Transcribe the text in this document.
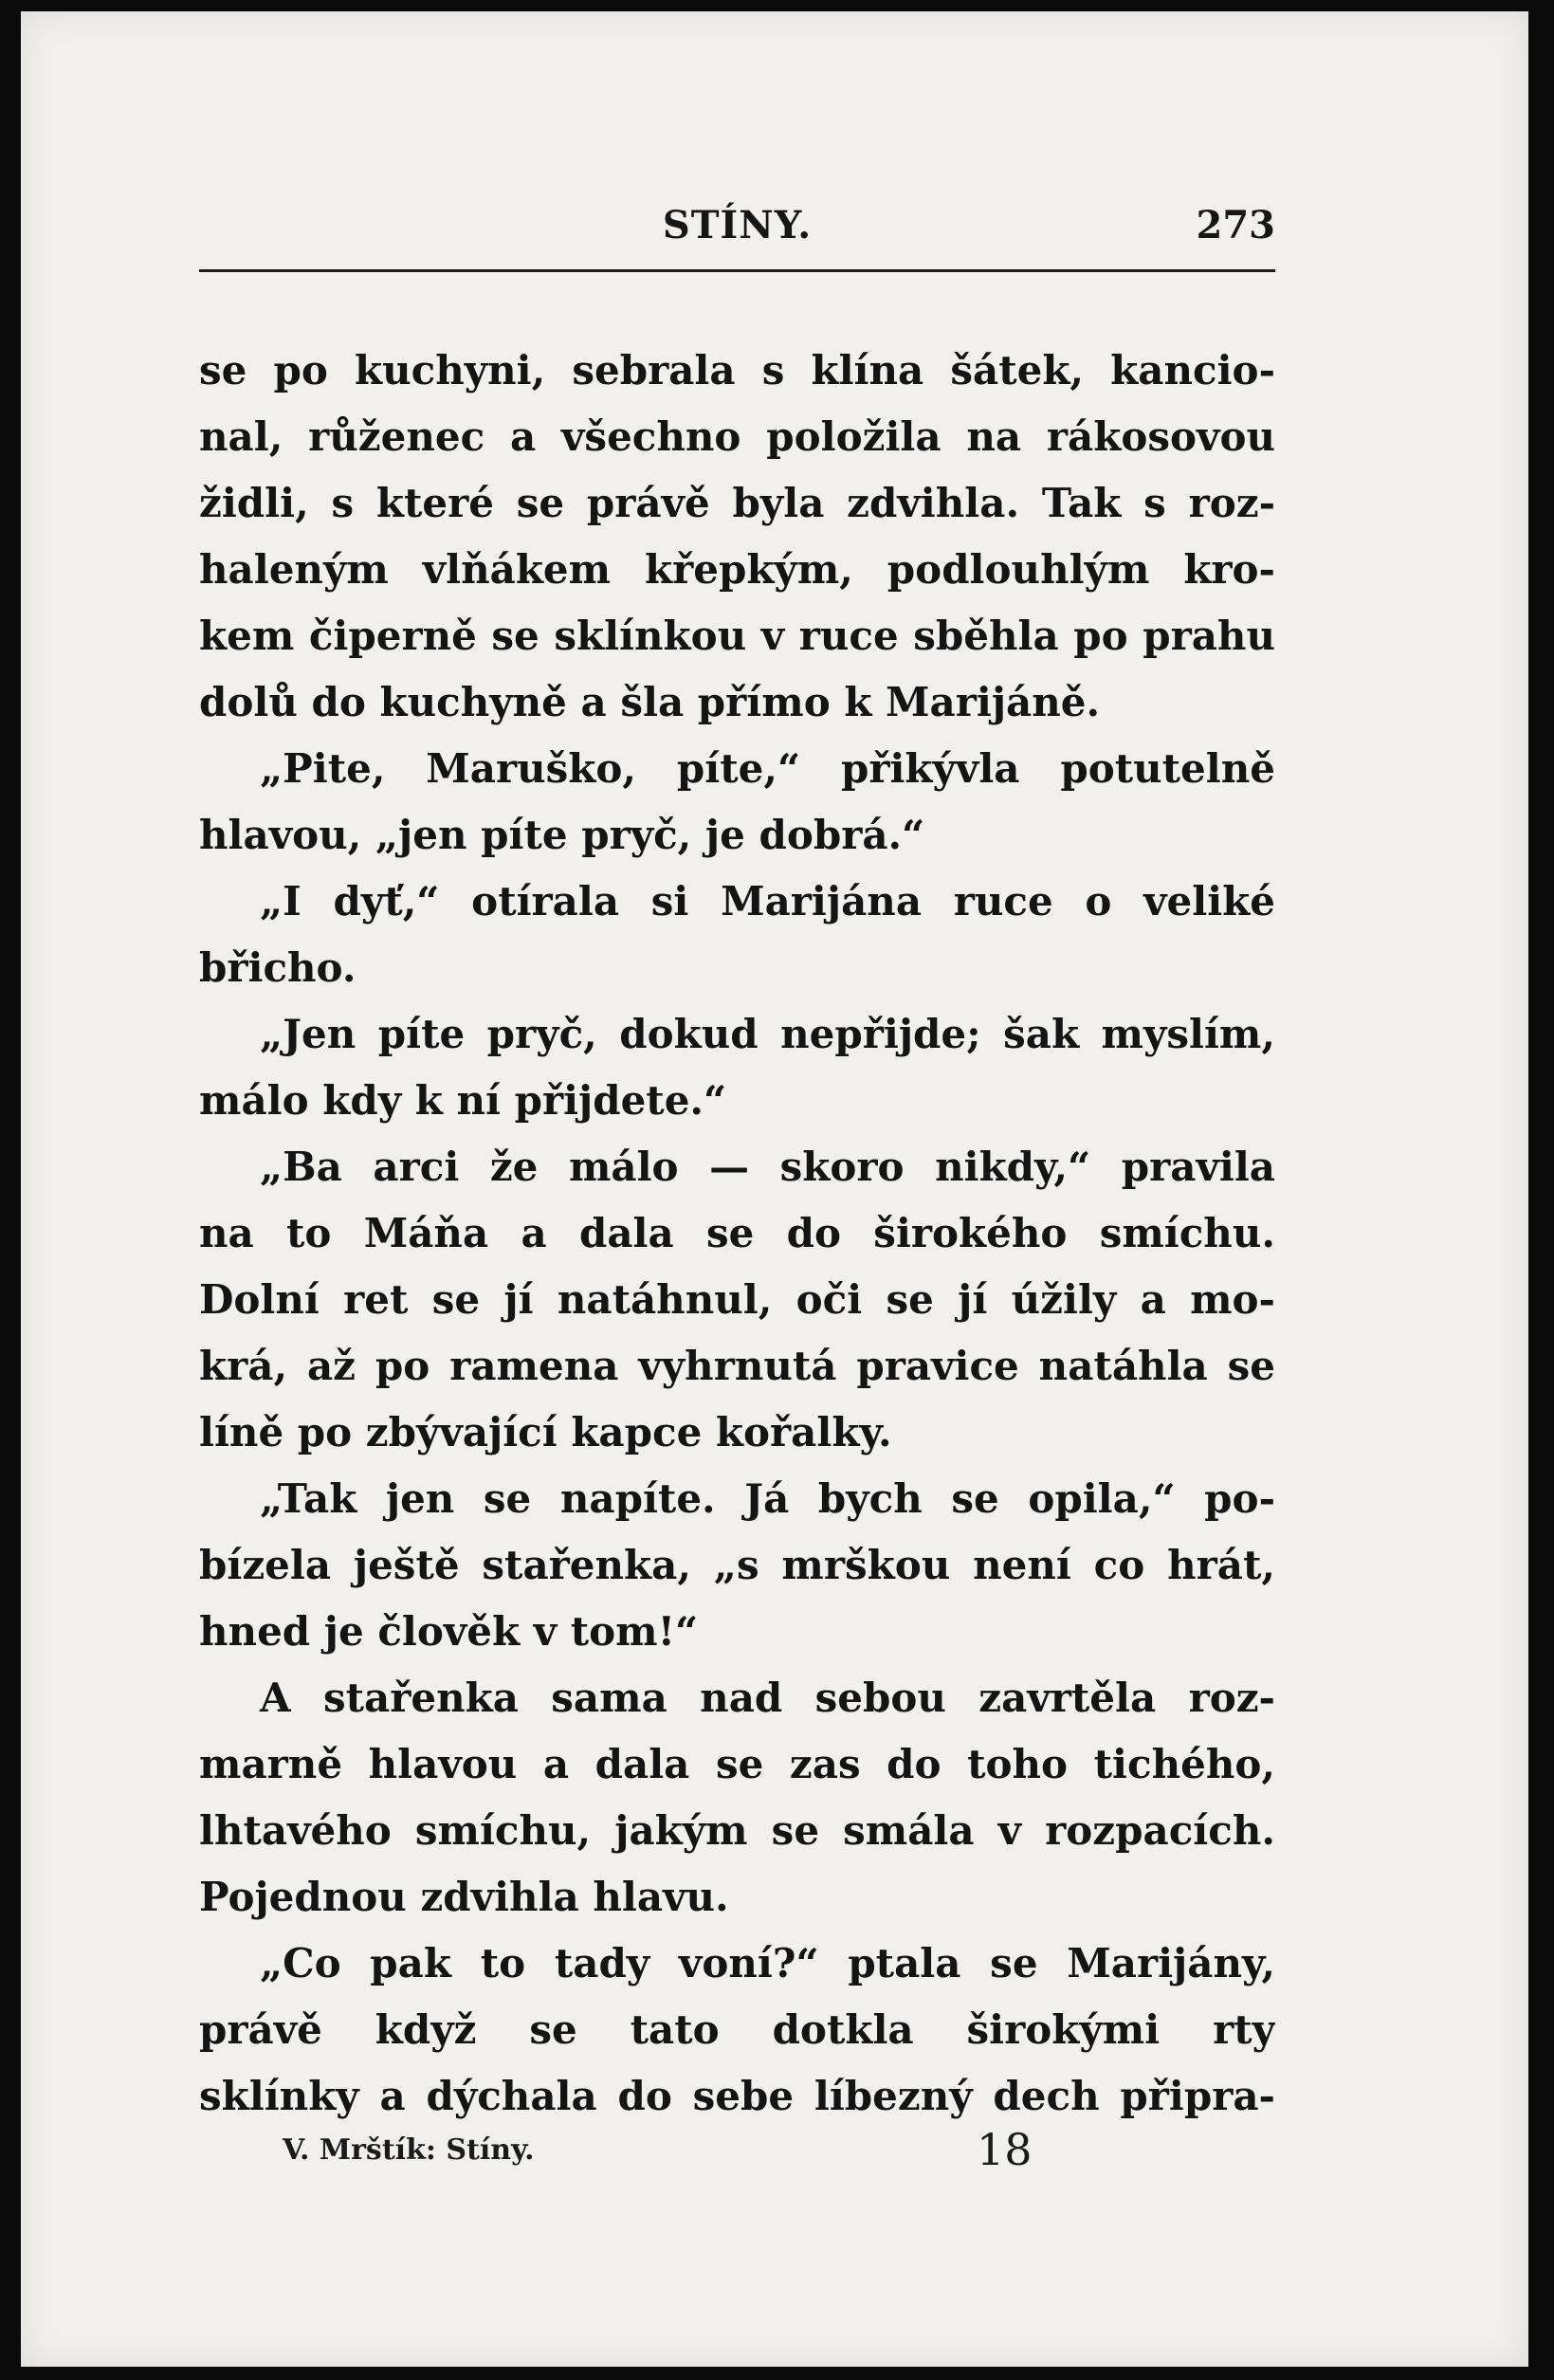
STÍNY.	273
se po kuchyni, sebrala s klína šátek, kancio-
nal, růženec a všechno položila na rákosovou
židli, s které se právě byla zdvihla. Tak s roz-
haleným vlňákem křepkým, podlouhlým kro-
kem čiperně se sklínkou v ruce sběhla po prahu
dolů do kuchyně a šla přímo k Marijáně.
„Pite, Maruško, píte,“ přikývla potutelně
hlavou, „jen píte pryč, je dobrá.“
„I dyť,“ otírala si Marijána ruce o veliké
břicho.
„Jen píte pryč, dokud nepřijde; šak myslím,
málo kdy k ní přijdete.“
„Ba arci že málo — skoro nikdy,“ pravila
na to Máňa a dala se do širokého smíchu.
Dolní ret se jí natáhnul, oči se jí úžily a mo-
krá, až po ramena vyhrnutá pravice natáhla se
líně po zbývající kapce kořalky.
„Tak jen se napíte. Já bych se opila,“ po-
bízela ještě stařenka, „s mrškou není co hrát,
hned je člověk v tom!“
A stařenka sama nad sebou zavrtěla roz-
marně hlavou a dala se zas do toho tichého,
lhtavého smíchu, jakým se smála v rozpacích.
Pojednou zdvihla hlavu.
„Co pak to tady voní?“ ptala se Marijány,
právě když se tato dotkla širokými rty
sklínky a dýchala do sebe líbezný dech připra-
V. Mrštík: Stíny.	18
